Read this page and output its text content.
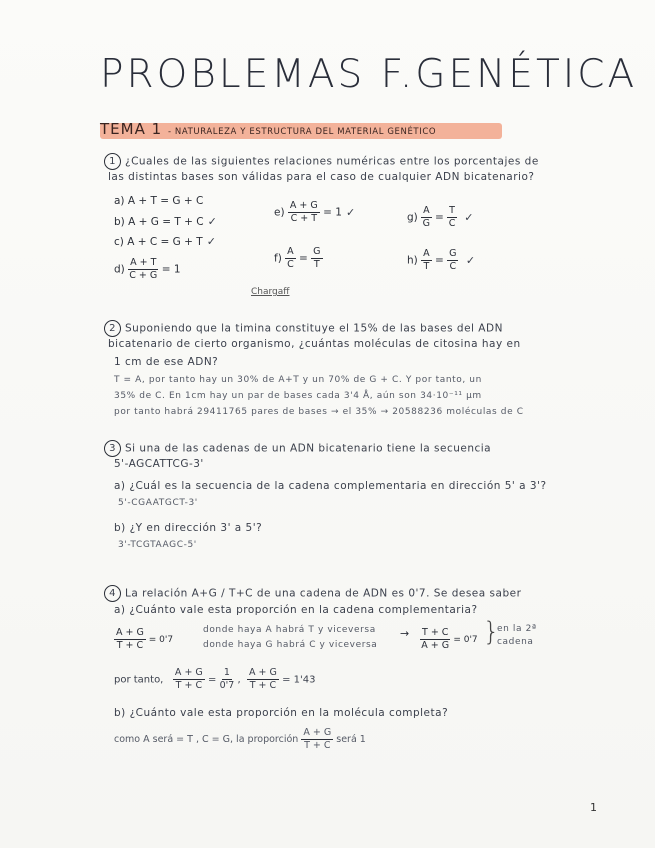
PROBLEMAS F.GENÉTICA
TEMA 1 - NATURALEZA Y ESTRUCTURA DEL MATERIAL GENÉTICO
1 ¿Cuales de las siguientes relaciones numéricas entre los porcentajes de
las distintas bases son válidas para el caso de cualquier ADN bicatenario?
a) A + T = G + C
b) A + G = T + C ✓
c) A + C = G + T ✓
$d) \frac{A + T}{C + G} = 1$
$e) \frac{A + G}{C + T} = 1$ ✓
$f) \frac{A}{C} = \frac{G}{T}$
$g) \frac{A}{G} = \frac{T}{C}$ ✓
$h) \frac{A}{T} = \frac{G}{C}$ ✓
Chargaff
2 Suponiendo que la timina constituye el 15% de las bases del ADN
bicatenario de cierto organismo, ¿cuántas moléculas de citosina hay en
1 cm de ese ADN?
T = A, por tanto hay un 30% de A+T y un 70% de G + C. Y por tanto, un
35% de C. En 1cm hay un par de bases cada 3'4 Å, aún son 34·10⁻¹¹ µm
por tanto habrá 29411765 pares de bases → el 35% → 20588236 moléculas de C
3 Si una de las cadenas de un ADN bicatenario tiene la secuencia
5'-AGCATTCG-3'
a) ¿Cuál es la secuencia de la cadena complementaria en dirección 5' a 3'?
5'-CGAATGCT-3'
b) ¿Y en dirección 3' a 5'?
3'-TCGTAAGC-5'
4 La relación A+G / T+C de una cadena de ADN es 0'7. Se desea saber
a) ¿Cuánto vale esta proporción en la cadena complementaria?
$\frac{A + G}{T + C} = 0'7$
donde haya A habrá T y viceversa
donde haya G habrá C y viceversa
→ $\frac{T + C}{A + G} = 0'7$ }
en la 2ª
cadena
por tanto, $\frac{A + G}{T + C} = \frac{1}{0'7}$ , $\frac{A + G}{T + C} = 1'43$
b) ¿Cuánto vale esta proporción en la molécula completa?
como A será = T , C = G, la proporción $\frac{A + G}{T + C}$ será 1
1
